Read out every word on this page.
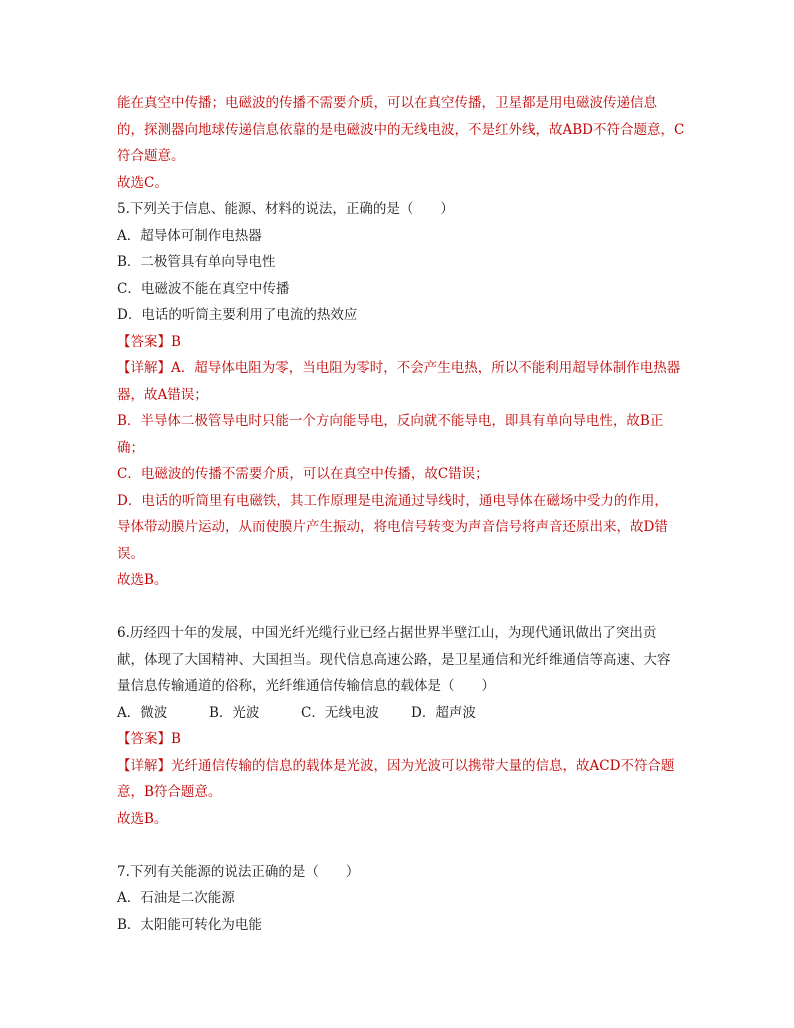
能在真空中传播；电磁波的传播不需要介质，可以在真空传播，卫星都是用电磁波传递信息
的，探测器向地球传递信息依靠的是电磁波中的无线电波，不是红外线，故ABD不符合题意，C
符合题意。
故选C。
5.下列关于信息、能源、材料的说法，正确的是（　　）
A．超导体可制作电热器
B．二极管具有单向导电性
C．电磁波不能在真空中传播
D．电话的听筒主要利用了电流的热效应
【答案】B
【详解】A．超导体电阻为零，当电阻为零时，不会产生电热，所以不能利用超导体制作电热器
器，故A错误；
B．半导体二极管导电时只能一个方向能导电，反向就不能导电，即具有单向导电性，故B正
确；
C．电磁波的传播不需要介质，可以在真空中传播，故C错误；
D．电话的听筒里有电磁铁，其工作原理是电流通过导线时，通电导体在磁场中受力的作用，
导体带动膜片运动，从而使膜片产生振动，将电信号转变为声音信号将声音还原出来，故D错
误。
故选B。
6.历经四十年的发展，中国光纤光缆行业已经占据世界半壁江山，为现代通讯做出了突出贡
献，体现了大国精神、大国担当。现代信息高速公路，是卫星通信和光纤维通信等高速、大容
量信息传输通道的俗称，光纤维通信传输信息的载体是（　　）
A．微波	B．光波	C．无线电波 D．超声波
【答案】B
【详解】光纤通信传输的信息的载体是光波，因为光波可以携带大量的信息，故ACD不符合题
意，B符合题意。
故选B。
7.下列有关能源的说法正确的是（　　）
A．石油是二次能源
B．太阳能可转化为电能
